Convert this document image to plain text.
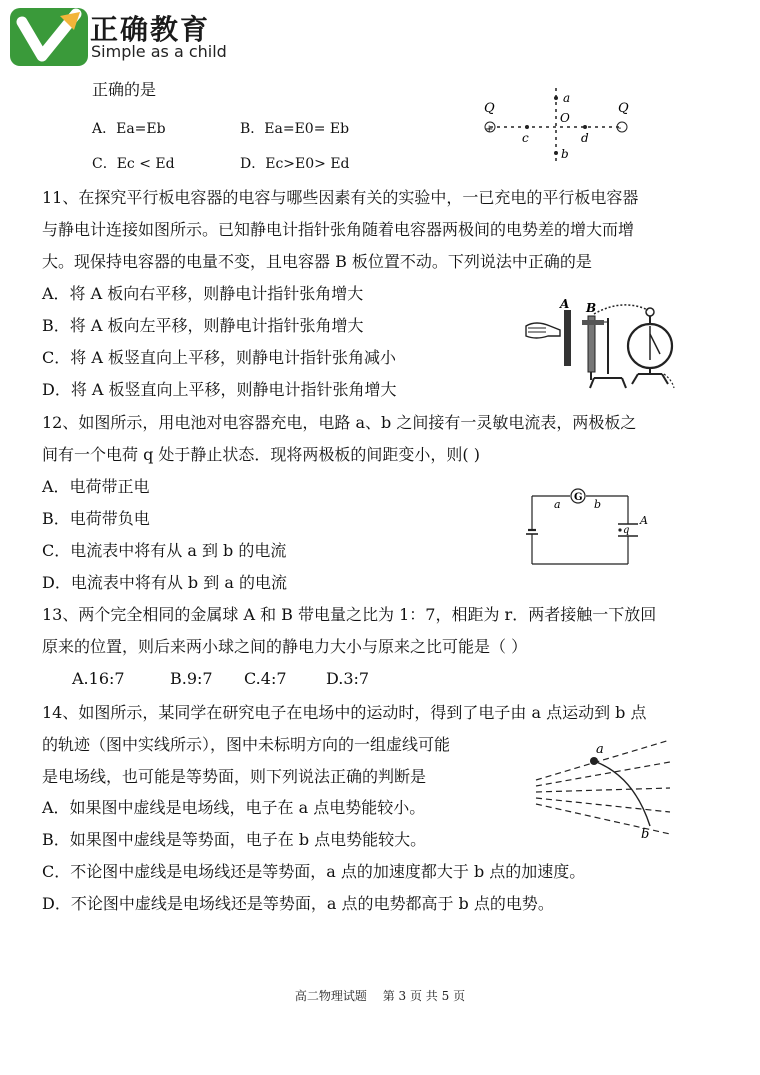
正确教育
Simple as a child
正确的是
A．Ea=Eb	B．Ea=E0= Eb
C．Ec < Ed	D．Ec>E0> Ed
+	-
Q	Q
a
O
c	d
b
11、在探究平行板电容器的电容与哪些因素有关的实验中，一已充电的平行板电容器
与静电计连接如图所示。已知静电计指针张角随着电容器两极间的电势差的增大而增
大。现保持电容器的电量不变，且电容器 B 板位置不动。下列说法中正确的是
A．将 A 板向右平移，则静电计指针张角增大
B．将 A 板向左平移，则静电计指针张角增大
C．将 A 板竖直向上平移，则静电计指针张角减小
D．将 A 板竖直向上平移，则静电计指针张角增大
A B
12、如图所示，用电池对电容器充电，电路 a、b 之间接有一灵敏电流表，两极板之
间有一个电荷 q 处于静止状态．现将两极板的间距变小，则( )
A．电荷带正电
B．电荷带负电
C．电流表中将有从 a 到 b 的电流
D．电流表中将有从 b 到 a 的电流
G
a	b
q
A
13、两个完全相同的金属球 A 和 B 带电量之比为 1：7，相距为 r．两者接触一下放回
原来的位置，则后来两小球之间的静电力大小与原来之比可能是（ ）
A.16:7	B.9:7 C.4:7 D.3:7
14、如图所示，某同学在研究电子在电场中的运动时，得到了电子由 a 点运动到 b 点
的轨迹（图中实线所示），图中未标明方向的一组虚线可能
是电场线，也可能是等势面，则下列说法正确的判断是
A．如果图中虚线是电场线，电子在 a 点电势能较小。
B．如果图中虚线是等势面，电子在 b 点电势能较大。
C．不论图中虚线是电场线还是等势面，a 点的加速度都大于 b 点的加速度。
D．不论图中虚线是电场线还是等势面，a 点的电势都高于 b 点的电势。
a
b
高二物理试题　 第 3 页 共 5 页
